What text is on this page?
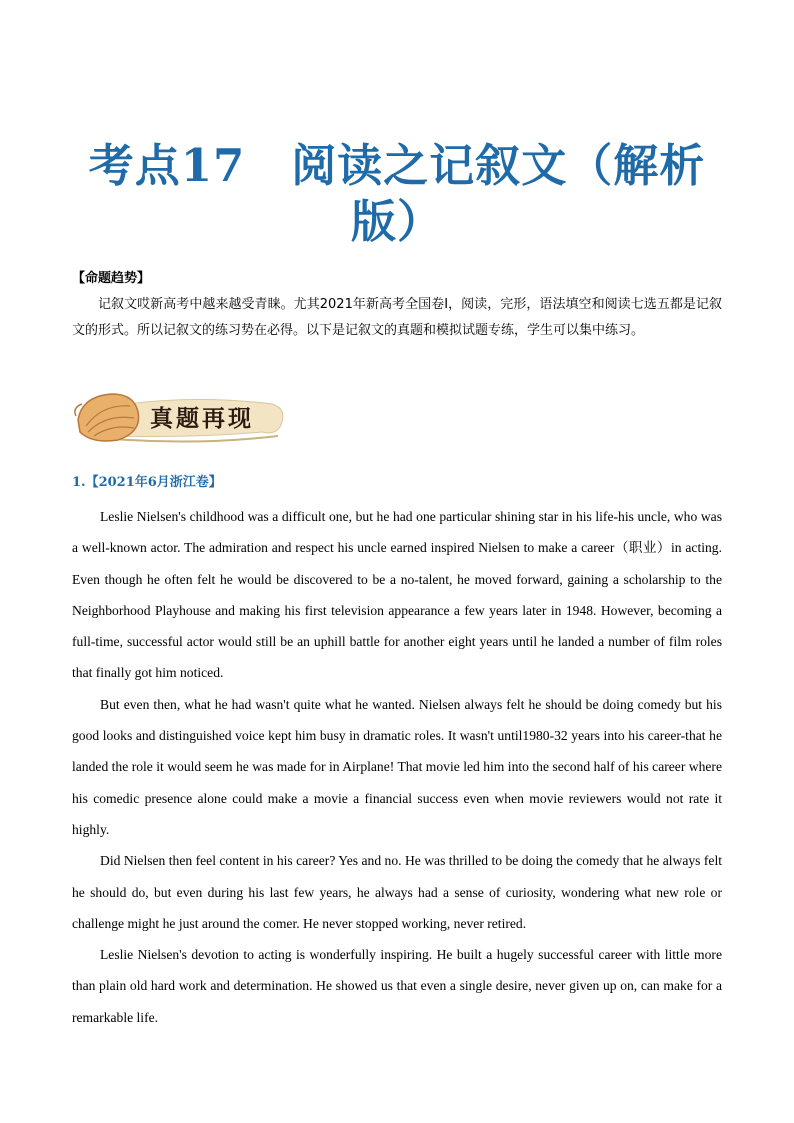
考点17　阅读之记叙文（解析
版）
【命题趋势】

记叙文哎新高考中越来越受青睐。尤其2021年新高考全国卷Ⅰ，阅读，完形，语法填空和阅读七选五都是记叙文的形式。所以记叙文的练习势在必得。以下是记叙文的真题和模拟试题专练，学生可以集中练习。

真题再现
1.【2021年6月浙江卷】

Leslie Nielsen's childhood was a difficult one, but he had one particular shining star in his life-his uncle, who was a well-known actor. The admiration and respect his uncle earned inspired Nielsen to make a career（职业）in acting. Even though he often felt he would be discovered to be a no-talent, he moved forward, gaining a scholarship to the Neighborhood Playhouse and making his first television appearance a few years later in 1948. However, becoming a full-time, successful actor would still be an uphill battle for another eight years until he landed a number of film roles that finally got him noticed.

But even then, what he had wasn't quite what he wanted. Nielsen always felt he should be doing comedy but his good looks and distinguished voice kept him busy in dramatic roles. It wasn't until1980-32 years into his career-that he landed the role it would seem he was made for in Airplane! That movie led him into the second half of his career where his comedic presence alone could make a movie a financial success even when movie reviewers would not rate it highly.

Did Nielsen then feel content in his career? Yes and no. He was thrilled to be doing the comedy that he always felt he should do, but even during his last few years, he always had a sense of curiosity, wondering what new role or challenge might he just around the comer. He never stopped working, never retired.

Leslie Nielsen's devotion to acting is wonderfully inspiring. He built a hugely successful career with little more than plain old hard work and determination. He showed us that even a single desire, never given up on, can make for a remarkable life.
